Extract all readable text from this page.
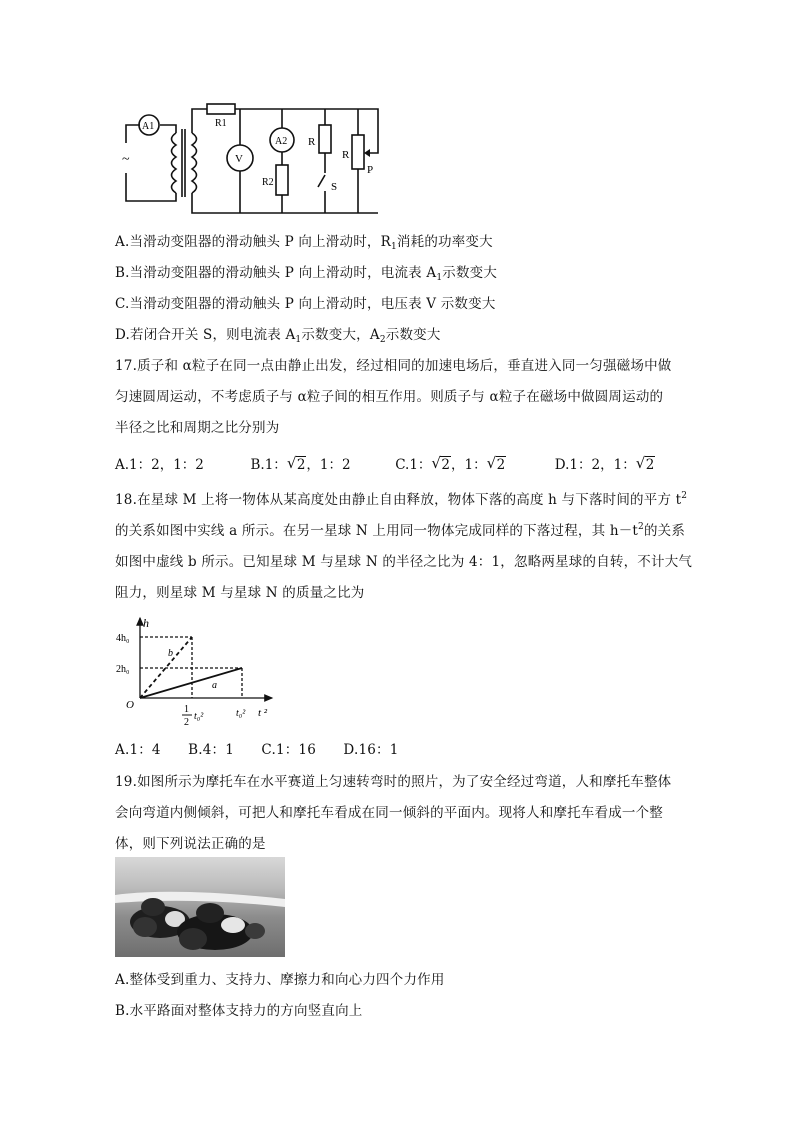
~
A1	R1
V
A2
R2
R
S
R
P
A.当滑动变阻器的滑动触头 P 向上滑动时，$R_1$消耗的功率变大
B.当滑动变阻器的滑动触头 P 向上滑动时，电流表 $A_1$示数变大
C.当滑动变阻器的滑动触头 P 向上滑动时，电压表 V 示数变大
D.若闭合开关 S，则电流表 $A_1$示数变大，$A_2$示数变大
17.质子和 α粒子在同一点由静止出发，经过相同的加速电场后，垂直进入同一匀强磁场中做
匀速圆周运动，不考虑质子与 α粒子间的相互作用。则质子与 α粒子在磁场中做圆周运动的
半径之比和周期之比分别为
A.1：2，1：2	B.1： √ 2，1：2	C.1： √ 2，1： √ 2	D.1：2，1： √ 2
18.在星球 M 上将一物体从某高度处由静止自由释放，物体下落的高度 h 与下落时间的平方 $t^2$
的关系如图中实线 a 所示。在另一星球 N 上用同一物体完成同样的下落过程，其 $h-t^2$的关系
如图中虚线 b 所示。已知星球 M 与星球 N 的半径之比为 4：1，忽略两星球的自转，不计大气
阻力，则星球 M 与星球 N 的质量之比为
h
4h₀
2h₀
O
b
a
1
2
t₀²	t₀² t ²
A.1：4　　B.4：1　　C.1：16　　D.16：1
19.如图所示为摩托车在水平赛道上匀速转弯时的照片，为了安全经过弯道，人和摩托车整体
会向弯道内侧倾斜，可把人和摩托车看成在同一倾斜的平面内。现将人和摩托车看成一个整
体，则下列说法正确的是
A.整体受到重力、支持力、摩擦力和向心力四个力作用
B.水平路面对整体支持力的方向竖直向上
